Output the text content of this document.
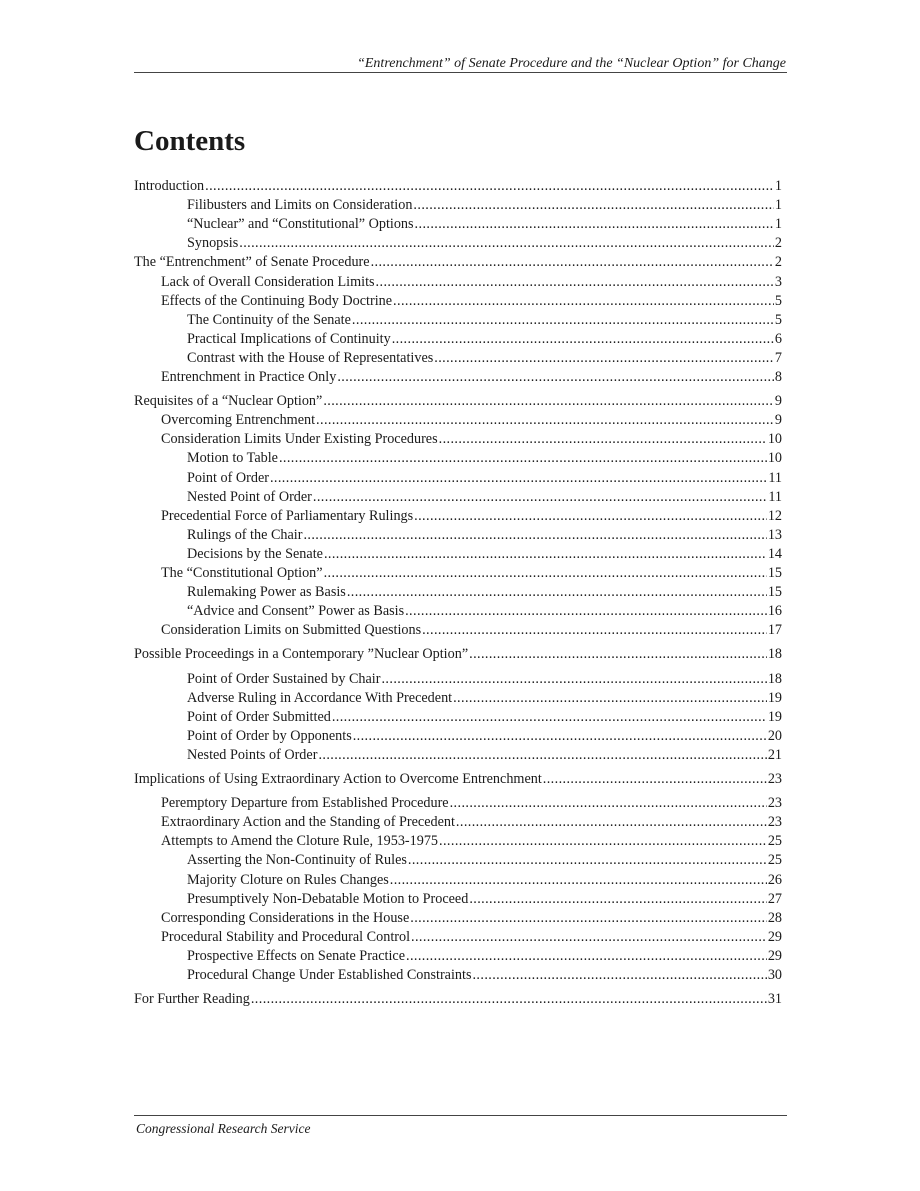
“Entrenchment” of Senate Procedure and the “Nuclear Option” for Change
Contents
Introduction .....	1
Filibusters and Limits on Consideration .....	1
“Nuclear” and “Constitutional” Options .....	1
Synopsis .....	2
The “Entrenchment” of Senate Procedure .....	2
Lack of Overall Consideration Limits .....	3
Effects of the Continuing Body Doctrine .....	5
The Continuity of the Senate .....	5
Practical Implications of Continuity .....	6
Contrast with the House of Representatives .....	7
Entrenchment in Practice Only .....	8
Requisites of a “Nuclear Option” .....	9
Overcoming Entrenchment .....	9
Consideration Limits Under Existing Procedures .....	10
Motion to Table .....	10
Point of Order .....	11
Nested Point of Order .....	11
Precedential Force of Parliamentary Rulings .....	12
Rulings of the Chair .....	13
Decisions by the Senate .....	14
The “Constitutional Option” .....	15
Rulemaking Power as Basis .....	15
“Advice and Consent” Power as Basis .....	16
Consideration Limits on Submitted Questions .....	17
Possible Proceedings in a Contemporary ”Nuclear Option” .....	18
Point of Order Sustained by Chair .....	18
Adverse Ruling in Accordance With Precedent .....	19
Point of Order Submitted .....	19
Point of Order by Opponents .....	20
Nested Points of Order .....	21
Implications of Using Extraordinary Action to Overcome Entrenchment .....	23
Peremptory Departure from Established Procedure .....	23
Extraordinary Action and the Standing of Precedent .....	23
Attempts to Amend the Cloture Rule, 1953-1975 .....	25
Asserting the Non-Continuity of Rules .....	25
Majority Cloture on Rules Changes .....	26
Presumptively Non-Debatable Motion to Proceed .....	27
Corresponding Considerations in the House .....	28
Procedural Stability and Procedural Control .....	29
Prospective Effects on Senate Practice .....	29
Procedural Change Under Established Constraints .....	30
For Further Reading .....	31
Congressional Research Service
